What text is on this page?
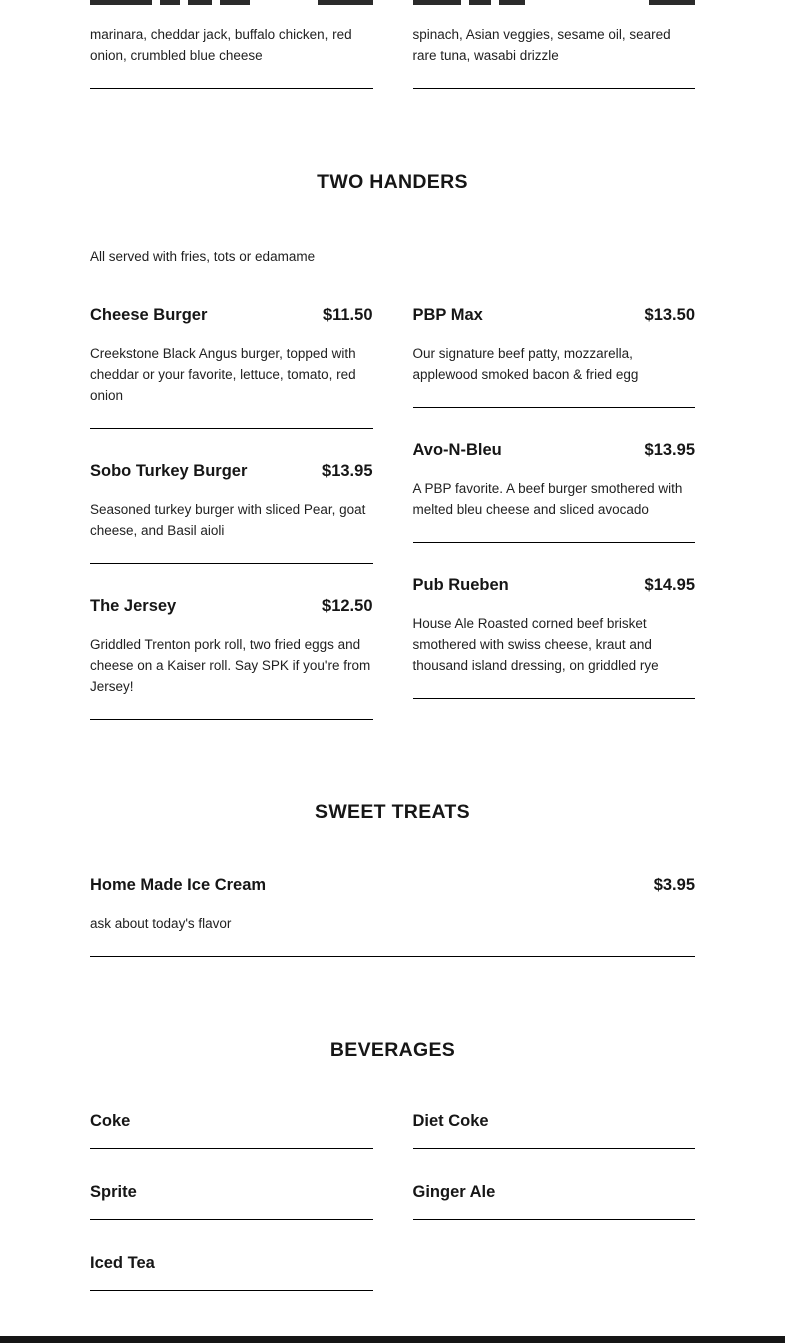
marinara, cheddar jack, buffalo chicken, red onion, crumbled blue cheese
spinach, Asian veggies, sesame oil, seared rare tuna, wasabi drizzle
TWO HANDERS
All served with fries, tots or edamame
Cheese Burger	$11.50
Creekstone Black Angus burger, topped with cheddar or your favorite, lettuce, tomato, red onion
Sobo Turkey Burger	$13.95
Seasoned turkey burger with sliced Pear, goat cheese, and Basil aioli
The Jersey	$12.50
Griddled Trenton pork roll, two fried eggs and cheese on a Kaiser roll. Say SPK if you're from Jersey!
PBP Max	$13.50
Our signature beef patty, mozzarella, applewood smoked bacon & fried egg
Avo-N-Bleu	$13.95
A PBP favorite. A beef burger smothered with melted bleu cheese and sliced avocado
Pub Rueben	$14.95
House Ale Roasted corned beef brisket smothered with swiss cheese, kraut and thousand island dressing, on griddled rye
SWEET TREATS
Home Made Ice Cream	$3.95
ask about today's flavor
BEVERAGES
Coke
Sprite
Iced Tea
Diet Coke
Ginger Ale
